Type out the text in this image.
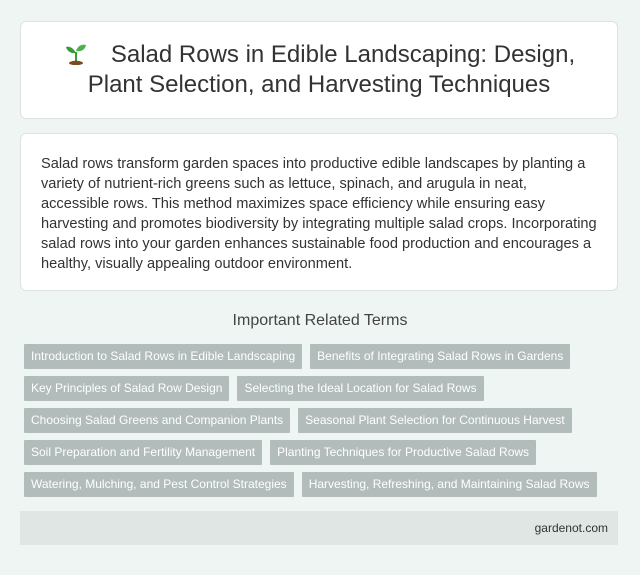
Salad Rows in Edible Landscaping: Design, Plant Selection, and Harvesting Techniques

Salad rows transform garden spaces into productive edible landscapes by planting a variety of nutrient-rich greens such as lettuce, spinach, and arugula in neat, accessible rows. This method maximizes space efficiency while ensuring easy harvesting and promotes biodiversity by integrating multiple salad crops. Incorporating salad rows into your garden enhances sustainable food production and encourages a healthy, visually appealing outdoor environment.

Important Related Terms
Introduction to Salad Rows in Edible Landscaping	Benefits of Integrating Salad Rows in Gardens
Key Principles of Salad Row Design	Selecting the Ideal Location for Salad Rows
Choosing Salad Greens and Companion Plants	Seasonal Plant Selection for Continuous Harvest
Soil Preparation and Fertility Management	Planting Techniques for Productive Salad Rows
Watering, Mulching, and Pest Control Strategies	Harvesting, Refreshing, and Maintaining Salad Rows
gardenot.com
